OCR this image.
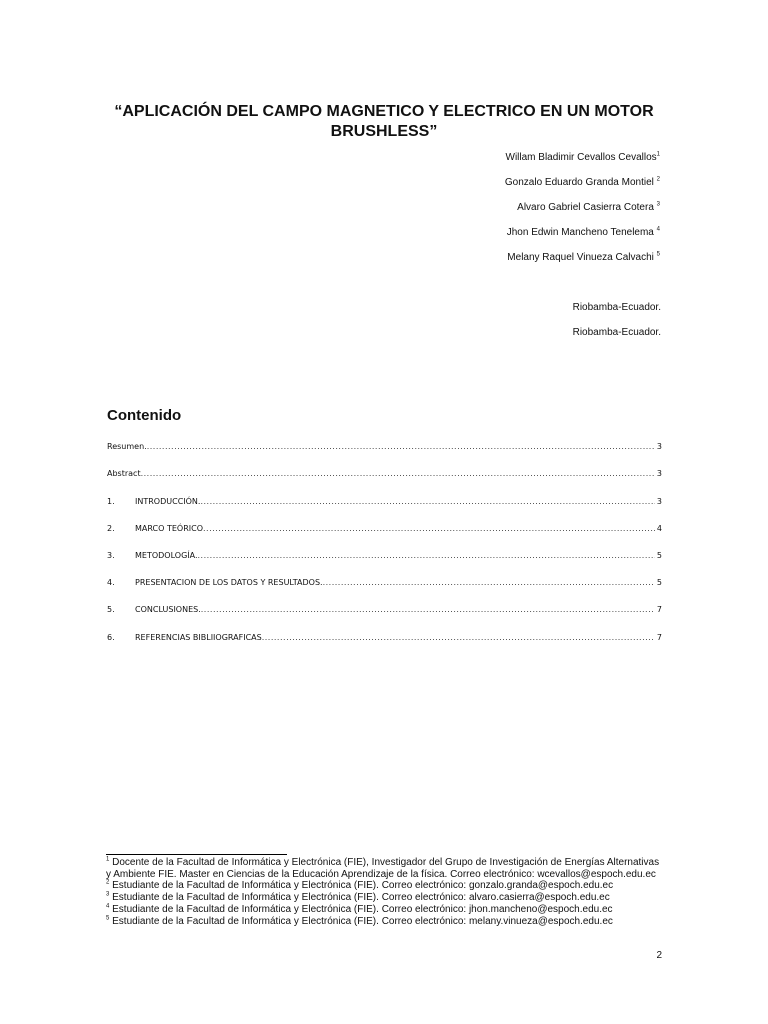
“APLICACIÓN DEL CAMPO MAGNETICO Y ELECTRICO EN UN MOTOR BRUSHLESS”
Willam Bladimir Cevallos Cevallos$^1$
Gonzalo Eduardo Granda Montiel $^2$
Alvaro Gabriel Casierra Cotera $^3$
Jhon Edwin Mancheno Tenelema $^4$
Melany Raquel Vinueza Calvachi $^5$
Riobamba-Ecuador.
Riobamba-Ecuador.
Contenido
Resumen. .....	3
Abstract .....	3
1.	INTRODUCCIÓN. .....	3
2.	MARCO TEÓRICO .....	4
3.	METODOLOGÍA. .....	5
4.	PRESENTACION DE LOS DATOS Y RESULTADOS. .....	5
5.	CONCLUSIONES. .....	7
6.	REFERENCIAS BIBLIIOGRAFICAS .....	7
$^1$ Docente de la Facultad de Informática y Electrónica (FIE), Investigador del Grupo de Investigación de Energías Alternativas y Ambiente FIE. Master en Ciencias de la Educación Aprendizaje de la física. Correo electrónico: wcevallos@espoch.edu.ec
$^2$ Estudiante de la Facultad de Informática y Electrónica (FIE). Correo electrónico: gonzalo.granda@espoch.edu.ec
$^3$ Estudiante de la Facultad de Informática y Electrónica (FIE). Correo electrónico: alvaro.casierra@espoch.edu.ec
$^4$ Estudiante de la Facultad de Informática y Electrónica (FIE). Correo electrónico: jhon.mancheno@espoch.edu.ec
$^5$ Estudiante de la Facultad de Informática y Electrónica (FIE). Correo electrónico: melany.vinueza@espoch.edu.ec
2
